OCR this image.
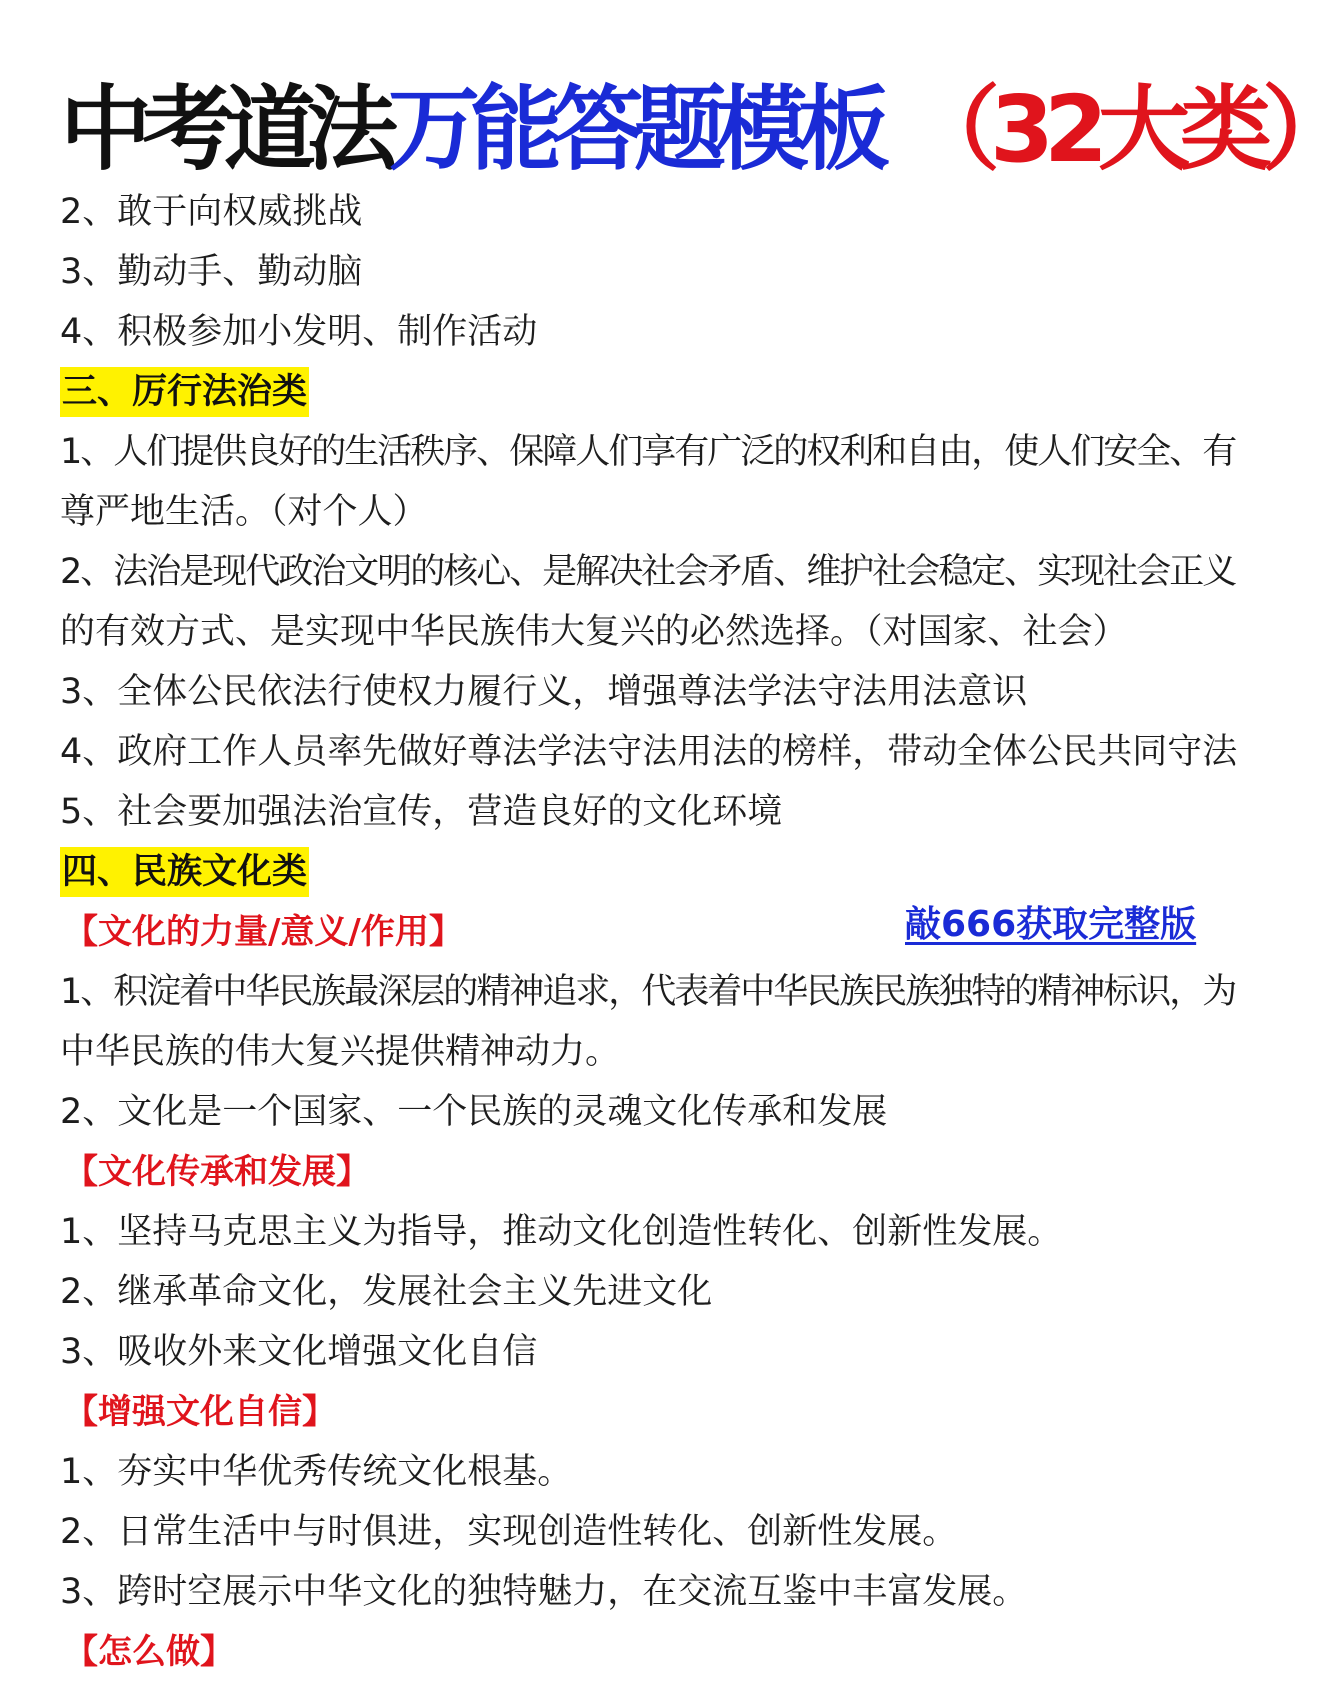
中考道法万能答题模板 （32大类）
2、敢于向权威挑战
3、勤动手、勤动脑
4、积极参加小发明、制作活动
三、厉行法治类
1、人们提供良好的生活秩序、保障人们享有广泛的权利和自由，使人们安全、有
尊严地生活。（对个人）
2、法治是现代政治文明的核心、是解决社会矛盾、维护社会稳定、实现社会正义
的有效方式、是实现中华民族伟大复兴的必然选择。（对国家、社会）
3、全体公民依法行使权力履行义，增强尊法学法守法用法意识
4、政府工作人员率先做好尊法学法守法用法的榜样，带动全体公民共同守法
5、社会要加强法治宣传，营造良好的文化环境
四、民族文化类
【文化的力量/意义/作用】
1、积淀着中华民族最深层的精神追求，代表着中华民族民族独特的精神标识，为
中华民族的伟大复兴提供精神动力。
2、文化是一个国家、一个民族的灵魂文化传承和发展
【文化传承和发展】
1、坚持马克思主义为指导，推动文化创造性转化、创新性发展。
2、继承革命文化，发展社会主义先进文化
3、吸收外来文化增强文化自信
【增强文化自信】
1、夯实中华优秀传统文化根基。
2、日常生活中与时俱进，实现创造性转化、创新性发展。
3、跨时空展示中华文化的独特魅力，在交流互鉴中丰富发展。
【怎么做】
敲666获取完整版
